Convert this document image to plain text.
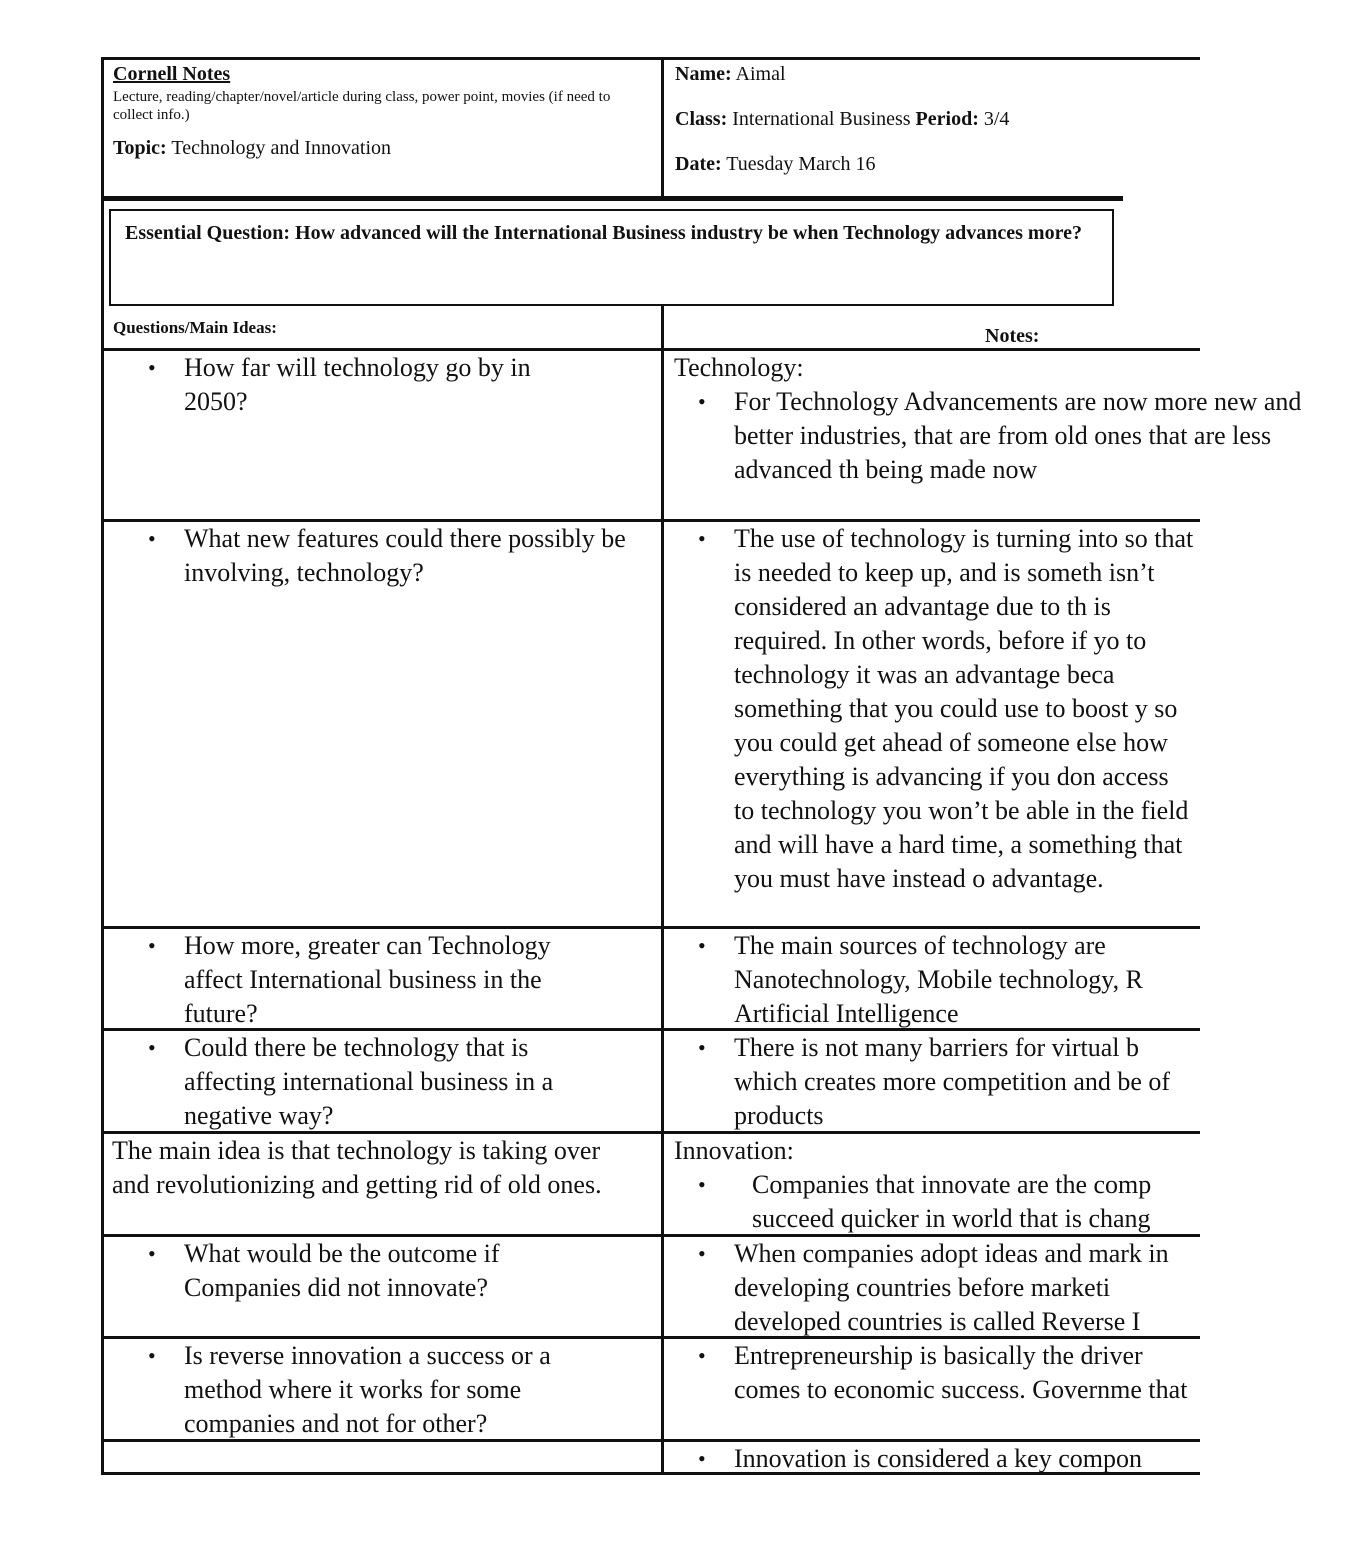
Cornell Notes
Lecture, reading/chapter/novel/article during class, power point, movies (if need to collect info.)
Topic: Technology and Innovation
Name: Aimal
Class: International Business Period: 3/4
Date: Tuesday March 16
Essential Question: How advanced will the International Business industry be when Technology advances more?
Questions/Main Ideas:	Notes:
• How far will technology go by in 2050?
Technology:
• For Technology Advancements are now more new and better industries, that are from old ones that are less advanced th being made now
• What new features could there possibly be involving, technology?
• The use of technology is turning into so that is needed to keep up, and is someth isn’t considered an advantage due to th is required. In other words, before if yo to technology it was an advantage beca something that you could use to boost y so you could get ahead of someone else how everything is advancing if you don access to technology you won’t be able in the field and will have a hard time, a something that you must have instead o advantage.
• How more, greater can Technology affect International business in the future?
• The main sources of technology are Nanotechnology, Mobile technology, R Artificial Intelligence
• Could there be technology that is affecting international business in a negative way?
• There is not many barriers for virtual b which creates more competition and be of products
The main idea is that technology is taking over and revolutionizing and getting rid of old ones.
Innovation:
• Companies that innovate are the comp succeed quicker in world that is chang
• What would be the outcome if Companies did not innovate?
• When companies adopt ideas and mark in developing countries before marketi developed countries is called Reverse I
• Is reverse innovation a success or a method where it works for some companies and not for other?
• Entrepreneurship is basically the driver comes to economic success. Governme that
• Innovation is considered a key compon
